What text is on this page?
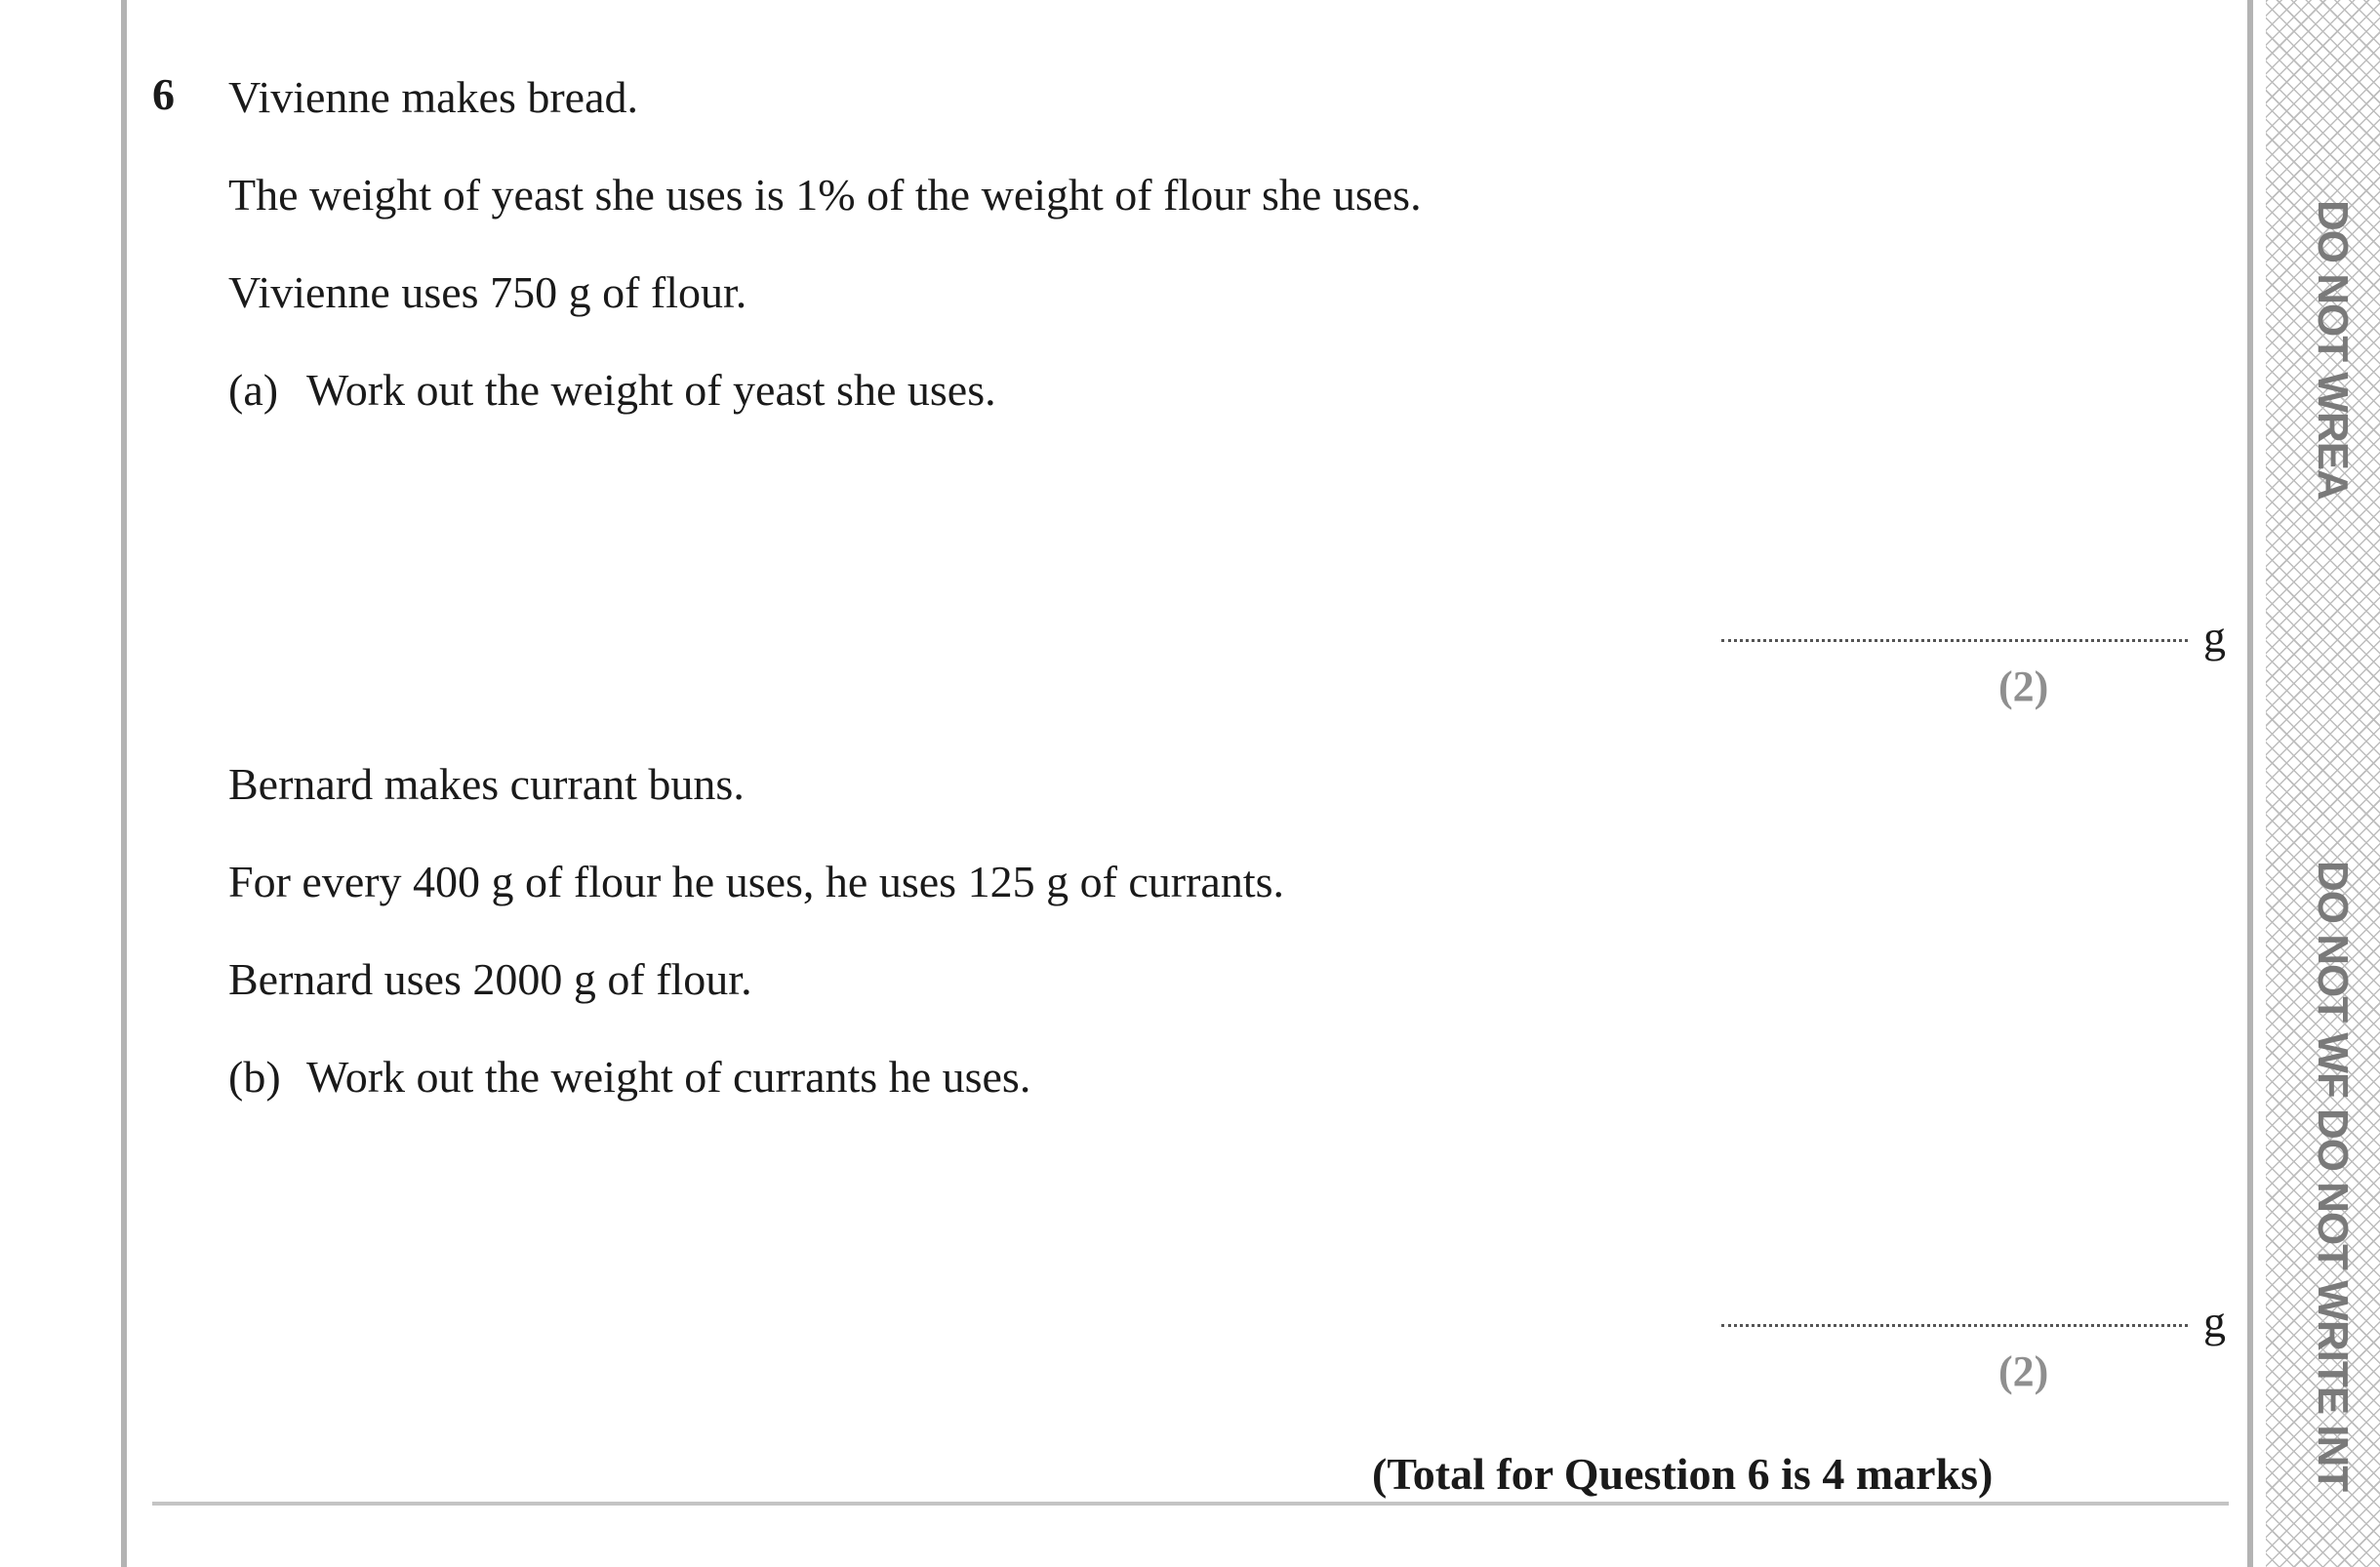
DO NOT WREA
DO NOT WF DO NOT WRITE INT
6 Vivienne makes bread.
The weight of yeast she uses is 1% of the weight of flour she uses.
Vivienne uses 750 g of flour.
(a) Work out the weight of yeast she uses.
g
(2)
Bernard makes currant buns.
For every 400 g of flour he uses, he uses 125 g of currants.
Bernard uses 2000 g of flour.
(b) Work out the weight of currants he uses.
g
(2)
(Total for Question 6 is 4 marks)
